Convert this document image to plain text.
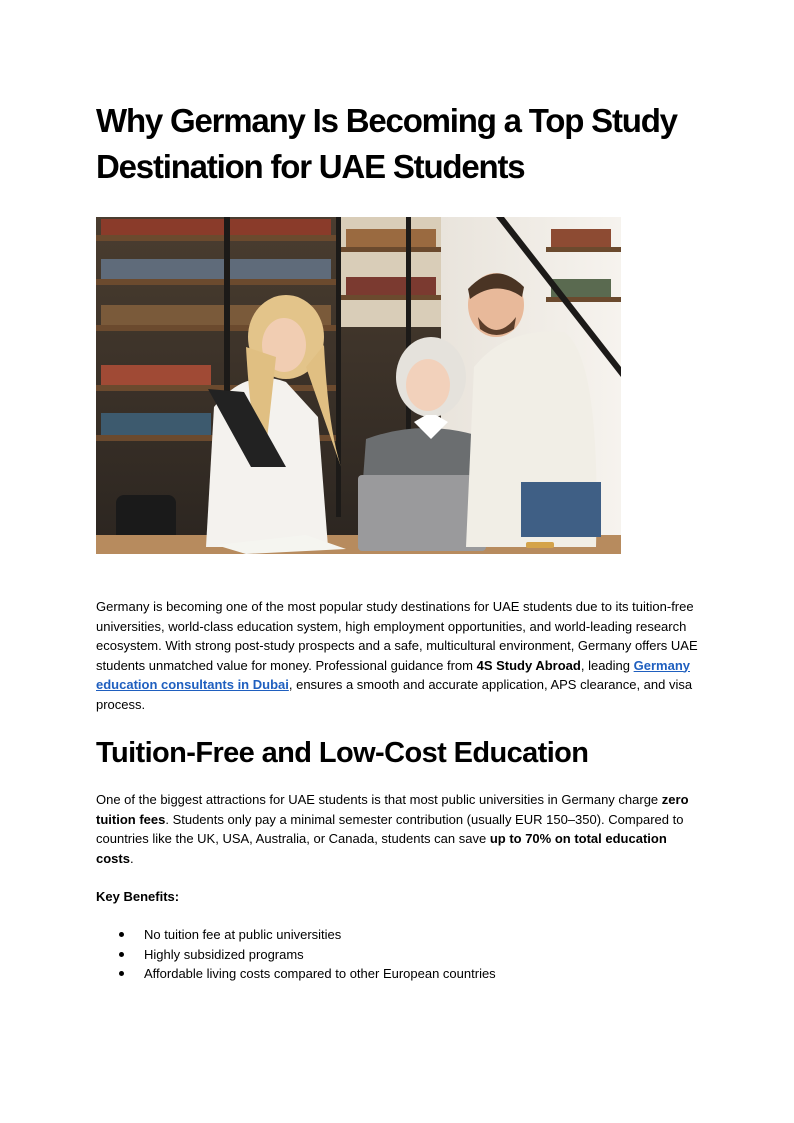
Why Germany Is Becoming a Top Study Destination for UAE Students

Germany is becoming one of the most popular study destinations for UAE students due to its tuition-free universities, world-class education system, high employment opportunities, and world-leading research ecosystem. With strong post-study prospects and a safe, multicultural environment, Germany offers UAE students unmatched value for money. Professional guidance from 4S Study Abroad, leading Germany education consultants in Dubai, ensures a smooth and accurate application, APS clearance, and visa process.

Tuition-Free and Low-Cost Education

One of the biggest attractions for UAE students is that most public universities in Germany charge zero tuition fees. Students only pay a minimal semester contribution (usually EUR 150–350). Compared to countries like the UK, USA, Australia, or Canada, students can save up to 70% on total education costs.

Key Benefits:

No tuition fee at public universities
Highly subsidized programs
Affordable living costs compared to other European countries
